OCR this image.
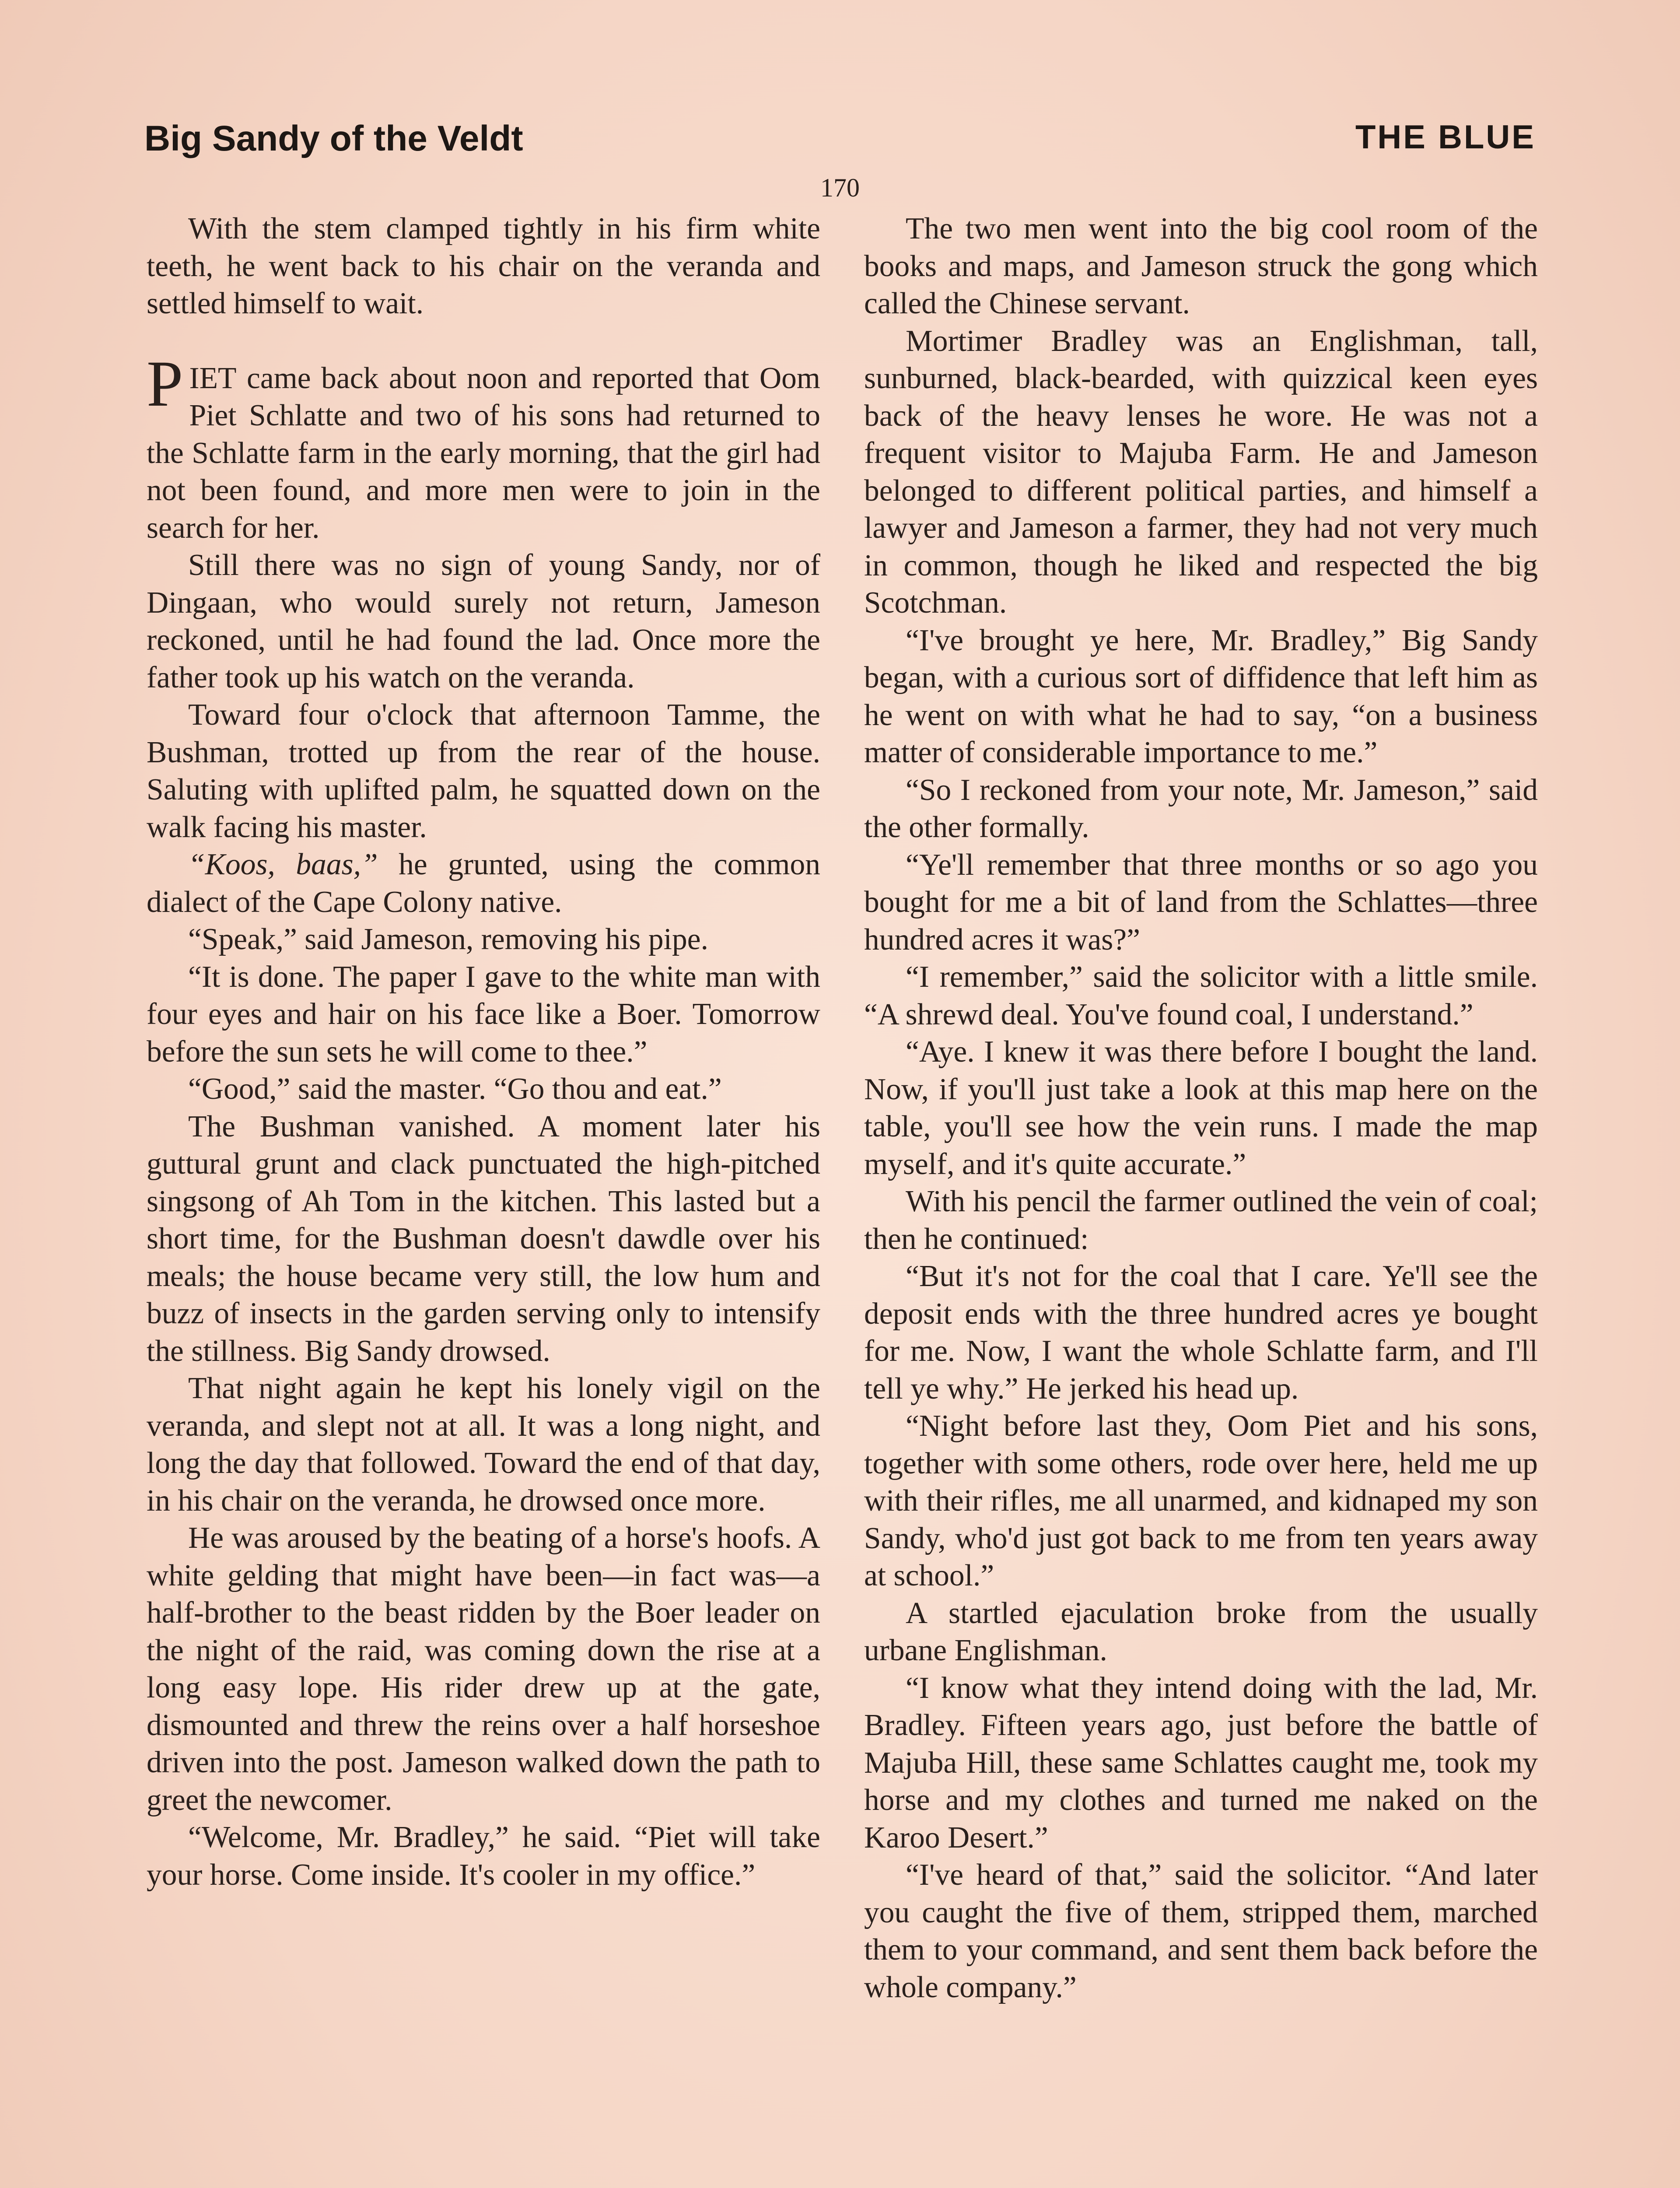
Big Sandy of the Veldt	THE BLUE
170

With the stem clamped tightly in his firm white teeth, he went back to his chair on the veranda and settled himself to wait.

PIET came back about noon and reported that Oom Piet Schlatte and two of his sons had returned to the Schlatte farm in the early morning, that the girl had not been found, and more men were to join in the search for her.

Still there was no sign of young Sandy, nor of Dingaan, who would surely not return, Jameson reckoned, until he had found the lad. Once more the father took up his watch on the veranda.

Toward four o'clock that afternoon Tamme, the Bushman, trotted up from the rear of the house. Saluting with uplifted palm, he squatted down on the walk facing his master.

“Koos, baas,” he grunted, using the common dialect of the Cape Colony native.

“Speak,” said Jameson, removing his pipe.

“It is done. The paper I gave to the white man with four eyes and hair on his face like a Boer. Tomorrow before the sun sets he will come to thee.”

“Good,” said the master. “Go thou and eat.”

The Bushman vanished. A moment later his guttural grunt and clack punctuated the high-pitched singsong of Ah Tom in the kitchen. This lasted but a short time, for the Bushman doesn't dawdle over his meals; the house became very still, the low hum and buzz of insects in the garden serving only to intensify the stillness. Big Sandy drowsed.

That night again he kept his lonely vigil on the veranda, and slept not at all. It was a long night, and long the day that followed. Toward the end of that day, in his chair on the veranda, he drowsed once more.

He was aroused by the beating of a horse's hoofs. A white gelding that might have been—in fact was—a half-brother to the beast ridden by the Boer leader on the night of the raid, was coming down the rise at a long easy lope. His rider drew up at the gate, dismounted and threw the reins over a half horseshoe driven into the post. Jameson walked down the path to greet the newcomer.

“Welcome, Mr. Bradley,” he said. “Piet will take your horse. Come inside. It's cooler in my office.”

The two men went into the big cool room of the books and maps, and Jameson struck the gong which called the Chinese servant.

Mortimer Bradley was an Englishman, tall, sunburned, black-bearded, with quizzical keen eyes back of the heavy lenses he wore. He was not a frequent visitor to Majuba Farm. He and Jameson belonged to different political parties, and himself a lawyer and Jameson a farmer, they had not very much in common, though he liked and respected the big Scotchman.

“I've brought ye here, Mr. Bradley,” Big Sandy began, with a curious sort of diffidence that left him as he went on with what he had to say, “on a business matter of considerable importance to me.”

“So I reckoned from your note, Mr. Jameson,” said the other formally.

“Ye'll remember that three months or so ago you bought for me a bit of land from the Schlattes—three hundred acres it was?”

“I remember,” said the solicitor with a little smile. “A shrewd deal. You've found coal, I understand.”

“Aye. I knew it was there before I bought the land. Now, if you'll just take a look at this map here on the table, you'll see how the vein runs. I made the map myself, and it's quite accurate.”

With his pencil the farmer outlined the vein of coal; then he continued:

“But it's not for the coal that I care. Ye'll see the deposit ends with the three hundred acres ye bought for me. Now, I want the whole Schlatte farm, and I'll tell ye why.” He jerked his head up.

“Night before last they, Oom Piet and his sons, together with some others, rode over here, held me up with their rifles, me all unarmed, and kidnaped my son Sandy, who'd just got back to me from ten years away at school.”

A startled ejaculation broke from the usually urbane Englishman.

“I know what they intend doing with the lad, Mr. Bradley. Fifteen years ago, just before the battle of Majuba Hill, these same Schlattes caught me, took my horse and my clothes and turned me naked on the Karoo Desert.”

“I've heard of that,” said the solicitor. “And later you caught the five of them, stripped them, marched them to your command, and sent them back before the whole company.”
